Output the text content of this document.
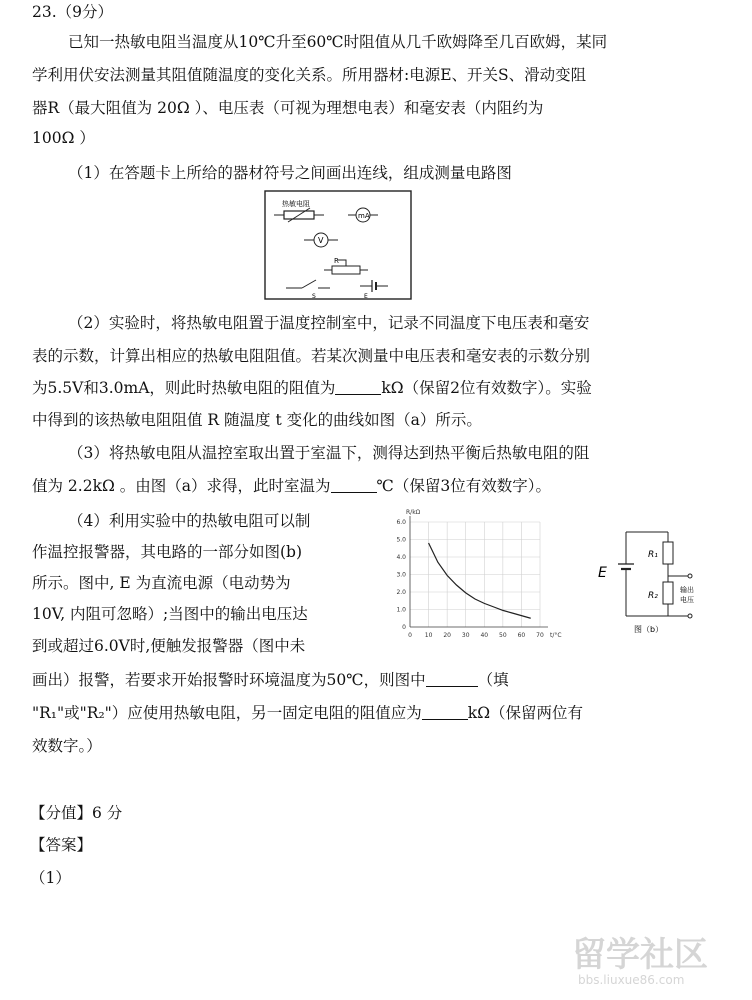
23.（9分）
已知一热敏电阻当温度从10℃升至60℃时阻值从几千欧姆降至几百欧姆，某同
学利用伏安法测量其阻值随温度的变化关系。所用器材:电源E、开关S、滑动变阻
器R（最大阻值为 20Ω ）、电压表（可视为理想电表）和毫安表（内阻约为
100Ω ）
（1）在答题卡上所给的器材符号之间画出连线，组成测量电路图
热敏电阻
mA
V
R
S	E
（2）实验时，将热敏电阻置于温度控制室中，记录不同温度下电压表和毫安
表的示数，计算出相应的热敏电阻阻值。若某次测量中电压表和毫安表的示数分别
为5.5V和3.0mA，则此时热敏电阻的阻值为	kΩ（保留2位有效数字）。实验
中得到的该热敏电阻阻值 R 随温度 t 变化的曲线如图（a）所示。
（3）将热敏电阻从温控室取出置于室温下，测得达到热平衡后热敏电阻的阻
值为 2.2kΩ 。由图（a）求得，此时室温为	℃（保留3位有效数字）。
（4）利用实验中的热敏电阻可以制
作温控报警器，其电路的一部分如图(b)
所示。图中, E 为直流电源（电动势为
10V, 内阻可忽略）;当图中的输出电压达
到或超过6.0V时,便触发报警器（图中未
画出）报警，若要求开始报警时环境温度为50℃，则图中	（填
"R₁"或"R₂"）应使用热敏电阻，另一固定电阻的阻值应为	kΩ（保留两位有
效数字。）
0 10 20 30 40 50 60 70
0
1.0
2.0
3.0
4.0
5.0
6.0
R/kΩ
t/°C
E
R₁
R₂
输出
电压
图（b）
【分值】6 分
【答案】
（1）
留学社区
bbs.liuxue86.com
